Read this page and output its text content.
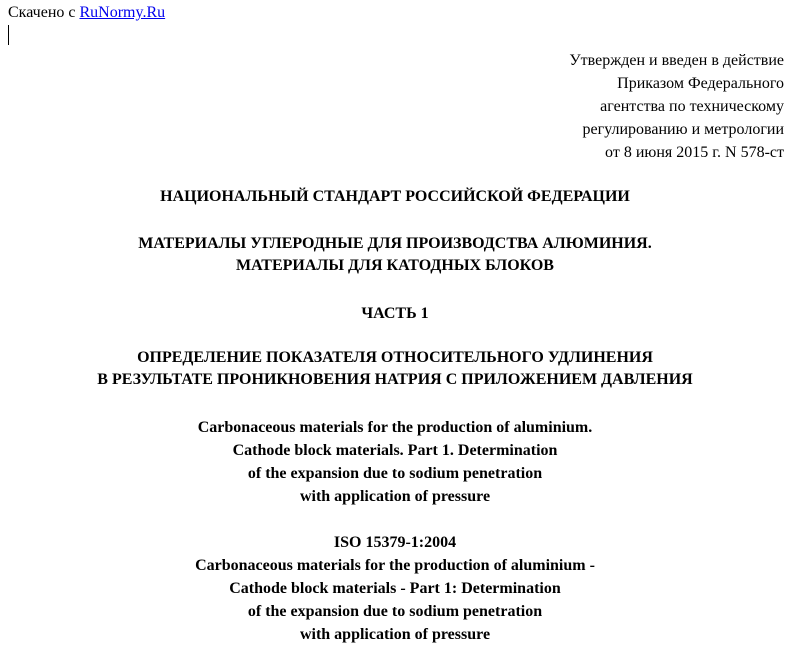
Скачено с RuNormy.Ru
Утвержден и введен в действие
Приказом Федерального
агентства по техническому
регулированию и метрологии
от 8 июня 2015 г. N 578-ст
НАЦИОНАЛЬНЫЙ СТАНДАРТ РОССИЙСКОЙ ФЕДЕРАЦИИ
МАТЕРИАЛЫ УГЛЕРОДНЫЕ ДЛЯ ПРОИЗВОДСТВА АЛЮМИНИЯ.
МАТЕРИАЛЫ ДЛЯ КАТОДНЫХ БЛОКОВ
ЧАСТЬ 1
ОПРЕДЕЛЕНИЕ ПОКАЗАТЕЛЯ ОТНОСИТЕЛЬНОГО УДЛИНЕНИЯ
В РЕЗУЛЬТАТЕ ПРОНИКНОВЕНИЯ НАТРИЯ С ПРИЛОЖЕНИЕМ ДАВЛЕНИЯ
Carbonaceous materials for the production of aluminium.
Cathode block materials. Part 1. Determination
of the expansion due to sodium penetration
with application of pressure
ISO 15379-1:2004
Carbonaceous materials for the production of aluminium -
Cathode block materials - Part 1: Determination
of the expansion due to sodium penetration
with application of pressure
